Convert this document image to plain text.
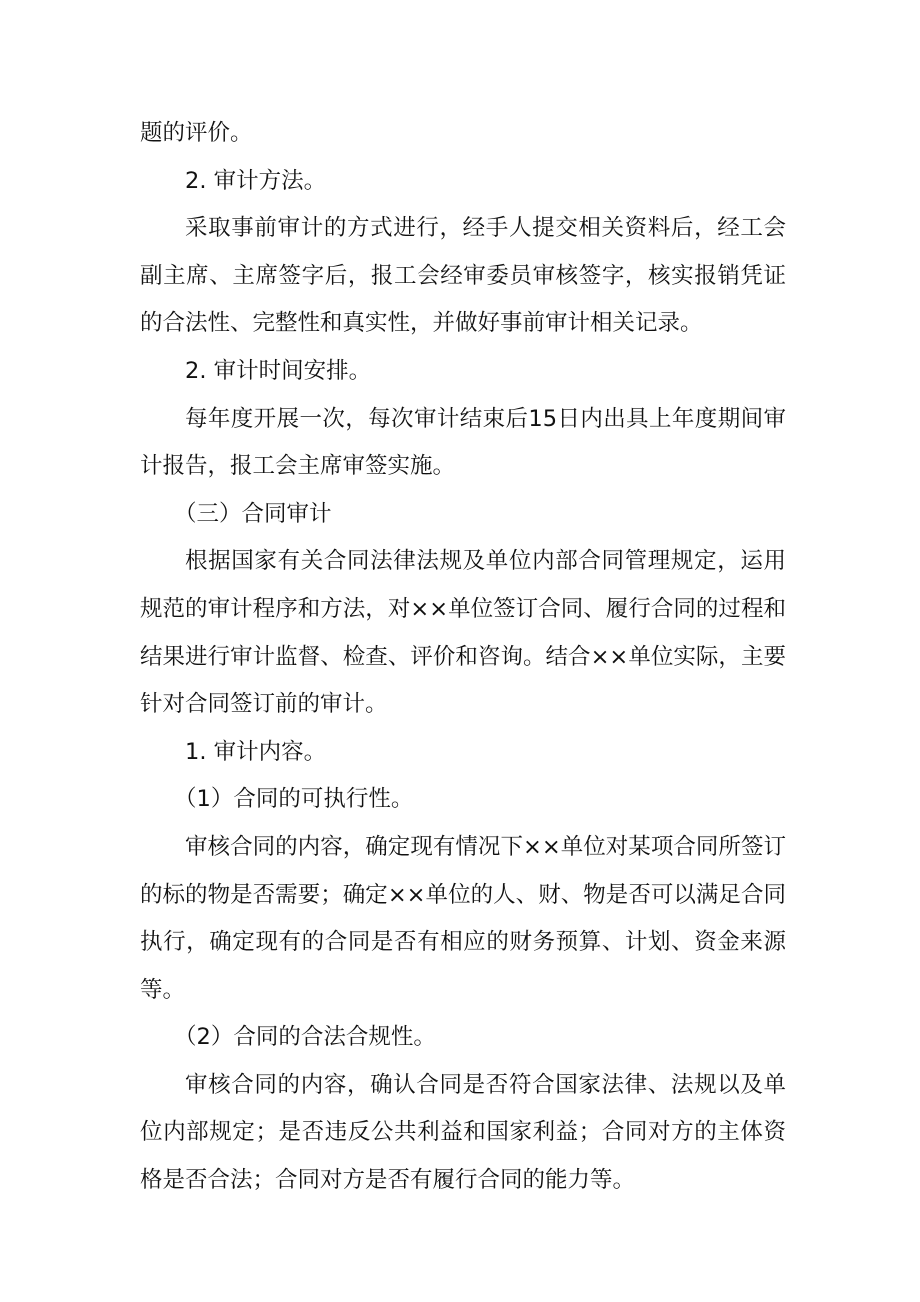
题的评价。

2. 审计方法。

采取事前审计的方式进行，经手人提交相关资料后，经工会副主席、主席签字后，报工会经审委员审核签字，核实报销凭证的合法性、完整性和真实性，并做好事前审计相关记录。

2. 审计时间安排。

每年度开展一次，每次审计结束后15日内出具上年度期间审计报告，报工会主席审签实施。

（三）合同审计

根据国家有关合同法律法规及单位内部合同管理规定，运用规范的审计程序和方法，对××单位签订合同、履行合同的过程和结果进行审计监督、检查、评价和咨询。结合××单位实际，主要针对合同签订前的审计。

1. 审计内容。

（1）合同的可执行性。

审核合同的内容，确定现有情况下××单位对某项合同所签订的标的物是否需要；确定××单位的人、财、物是否可以满足合同执行，确定现有的合同是否有相应的财务预算、计划、资金来源等。

（2）合同的合法合规性。

审核合同的内容，确认合同是否符合国家法律、法规以及单位内部规定；是否违反公共利益和国家利益；合同对方的主体资格是否合法；合同对方是否有履行合同的能力等。
